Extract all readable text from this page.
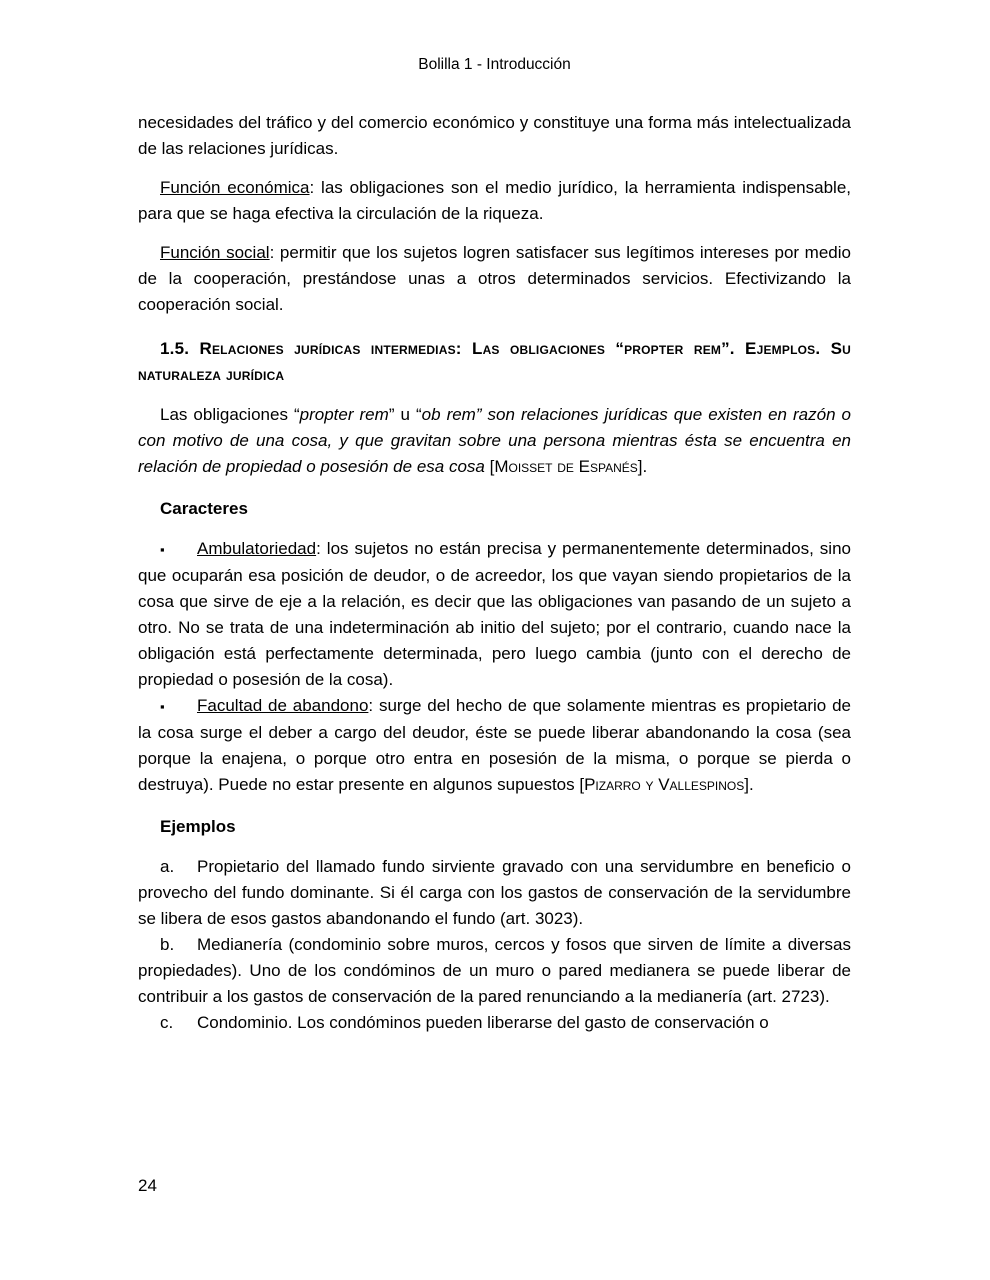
Bolilla 1 - Introducción

necesidades del tráfico y del comercio económico y constituye una forma más intelectualizada de las relaciones jurídicas.

Función económica: las obligaciones son el medio jurídico, la herramienta indispensable, para que se haga efectiva la circulación de la riqueza.

Función social: permitir que los sujetos logren satisfacer sus legítimos intereses por medio de la cooperación, prestándose unas a otros determinados servicios. Efectivizando la cooperación social.

1.5. Relaciones jurídicas intermedias: Las obligaciones “propter rem”. Ejemplos. Su naturaleza jurídica

Las obligaciones “propter rem” u “ob rem” son relaciones jurídicas que existen en razón o con motivo de una cosa, y que gravitan sobre una persona mientras ésta se encuentra en relación de propiedad o posesión de esa cosa [Moisset de Espanés].

Caracteres

▪ Ambulatoriedad: los sujetos no están precisa y permanentemente determinados, sino que ocuparán esa posición de deudor, o de acreedor, los que vayan siendo propietarios de la cosa que sirve de eje a la relación, es decir que las obligaciones van pasando de un sujeto a otro. No se trata de una indeterminación ab initio del sujeto; por el contrario, cuando nace la obligación está perfectamente determinada, pero luego cambia (junto con el derecho de propiedad o posesión de la cosa).

▪ Facultad de abandono: surge del hecho de que solamente mientras es propietario de la cosa surge el deber a cargo del deudor, éste se puede liberar abandonando la cosa (sea porque la enajena, o porque otro entra en posesión de la misma, o porque se pierda o destruya). Puede no estar presente en algunos supuestos [Pizarro y Vallespinos].

Ejemplos

a. Propietario del llamado fundo sirviente gravado con una servidumbre en beneficio o provecho del fundo dominante. Si él carga con los gastos de conservación de la servidumbre se libera de esos gastos abandonando el fundo (art. 3023).

b. Medianería (condominio sobre muros, cercos y fosos que sirven de límite a diversas propiedades). Uno de los condóminos de un muro o pared medianera se puede liberar de contribuir a los gastos de conservación de la pared renunciando a la medianería (art. 2723).

c. Condominio. Los condóminos pueden liberarse del gasto de conservación o

24
